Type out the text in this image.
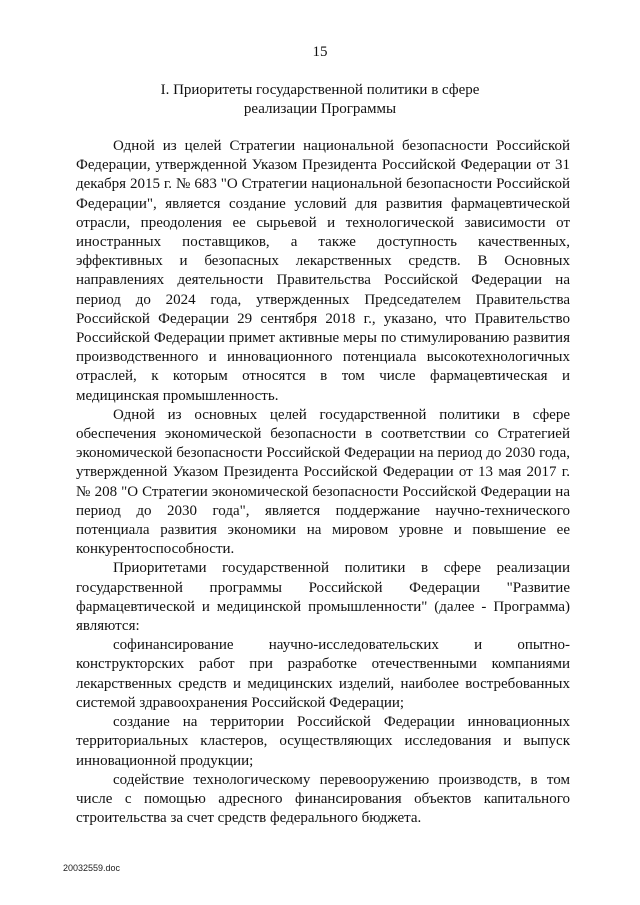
15
I. Приоритеты государственной политики в сфере
реализации Программы

Одной из целей Стратегии национальной безопасности Российской Федерации, утвержденной Указом Президента Российской Федерации от 31 декабря 2015 г. № 683 "О Стратегии национальной безопасности Российской Федерации", является создание условий для развития фармацевтической отрасли, преодоления ее сырьевой и технологической зависимости от иностранных поставщиков, а также доступность качественных, эффективных и безопасных лекарственных средств. В Основных направлениях деятельности Правительства Российской Федерации на период до 2024 года, утвержденных Председателем Правительства Российской Федерации 29 сентября 2018 г., указано, что Правительство Российской Федерации примет активные меры по стимулированию развития производственного и инновационного потенциала высокотехнологичных отраслей, к которым относятся в том числе фармацевтическая и медицинская промышленность.

Одной из основных целей государственной политики в сфере обеспечения экономической безопасности в соответствии со Стратегией экономической безопасности Российской Федерации на период до 2030 года, утвержденной Указом Президента Российской Федерации от 13 мая 2017 г. № 208 "О Стратегии экономической безопасности Российской Федерации на период до 2030 года", является поддержание научно-технического потенциала развития экономики на мировом уровне и повышение ее конкурентоспособности.

Приоритетами государственной политики в сфере реализации государственной программы Российской Федерации "Развитие фармацевтической и медицинской промышленности" (далее - Программа) являются:

софинансирование научно-исследовательских и опытно-конструкторских работ при разработке отечественными компаниями лекарственных средств и медицинских изделий, наиболее востребованных системой здравоохранения Российской Федерации;

создание на территории Российской Федерации инновационных территориальных кластеров, осуществляющих исследования и выпуск инновационной продукции;

содействие технологическому перевооружению производств, в том числе с помощью адресного финансирования объектов капитального строительства за счет средств федерального бюджета.

20032559.doc
